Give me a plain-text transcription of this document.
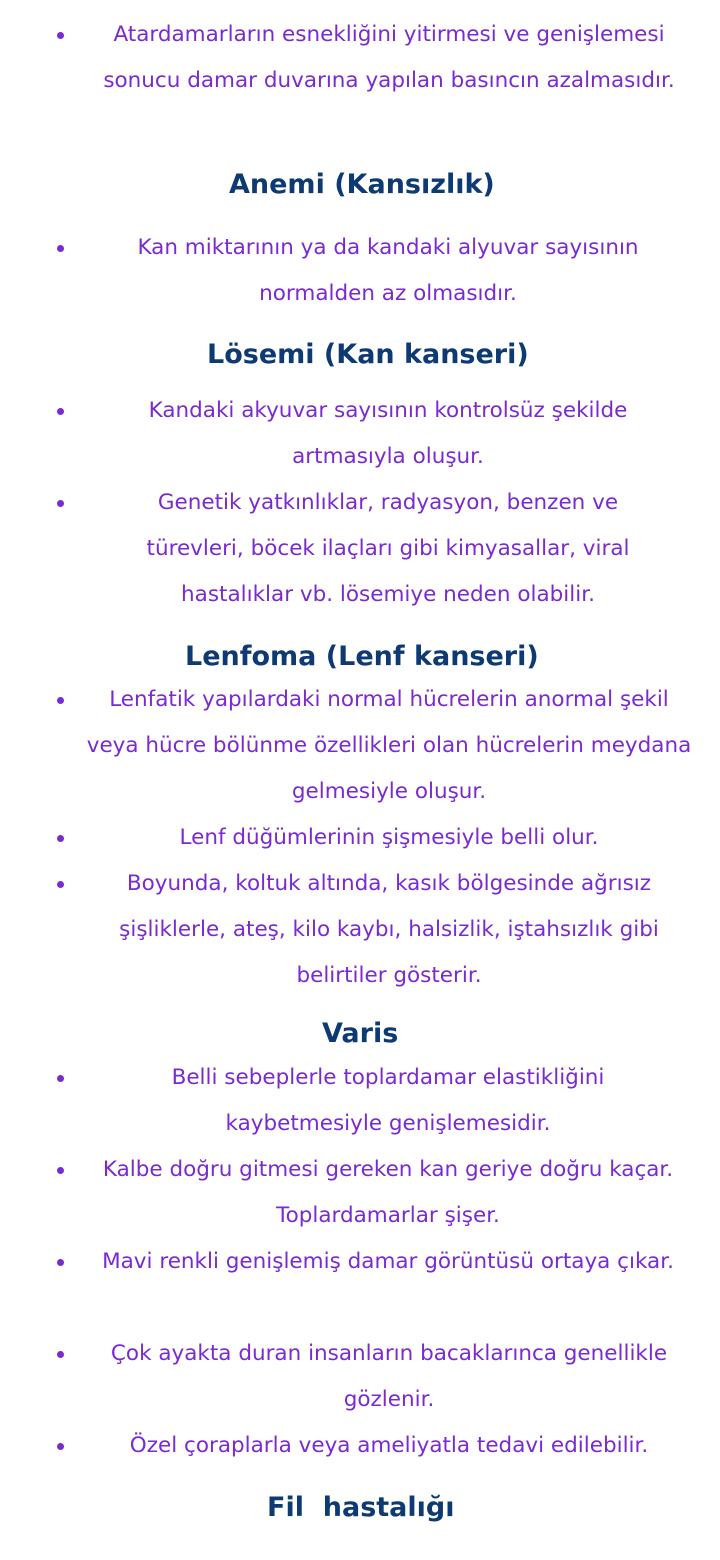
Atardamarların esnekliğini yitirmesi ve genişlemesi sonucu damar duvarına yapılan basıncın azalmasıdır.
Anemi (Kansızlık)
Kan miktarının ya da kandaki alyuvar sayısının normalden az olmasıdır.
Lösemi (Kan kanseri)
Kandaki akyuvar sayısının kontrolsüz şekilde artmasıyla oluşur.
Genetik yatkınlıklar, radyasyon, benzen ve türevleri, böcek ilaçları gibi kimyasallar, viral hastalıklar vb. lösemiye neden olabilir.
Lenfoma (Lenf kanseri)
Lenfatik yapılardaki normal hücrelerin anormal şekil veya hücre bölünme özellikleri olan hücrelerin meydana gelmesiyle oluşur.
Lenf düğümlerinin şişmesiyle belli olur.
Boyunda, koltuk altında, kasık bölgesinde ağrısız şişliklerle, ateş, kilo kaybı, halsizlik, iştahsızlık gibi belirtiler gösterir.
Varis
Belli sebeplerle toplardamar elastikliğini kaybetmesiyle genişlemesidir.
Kalbe doğru gitmesi gereken kan geriye doğru kaçar. Toplardamarlar şişer.
Mavi renkli genişlemiş damar görüntüsü ortaya çıkar.
Çok ayakta duran insanların bacaklarınca genellikle gözlenir.
Özel çoraplarla veya ameliyatla tedavi edilebilir.
Fil  hastalığı
